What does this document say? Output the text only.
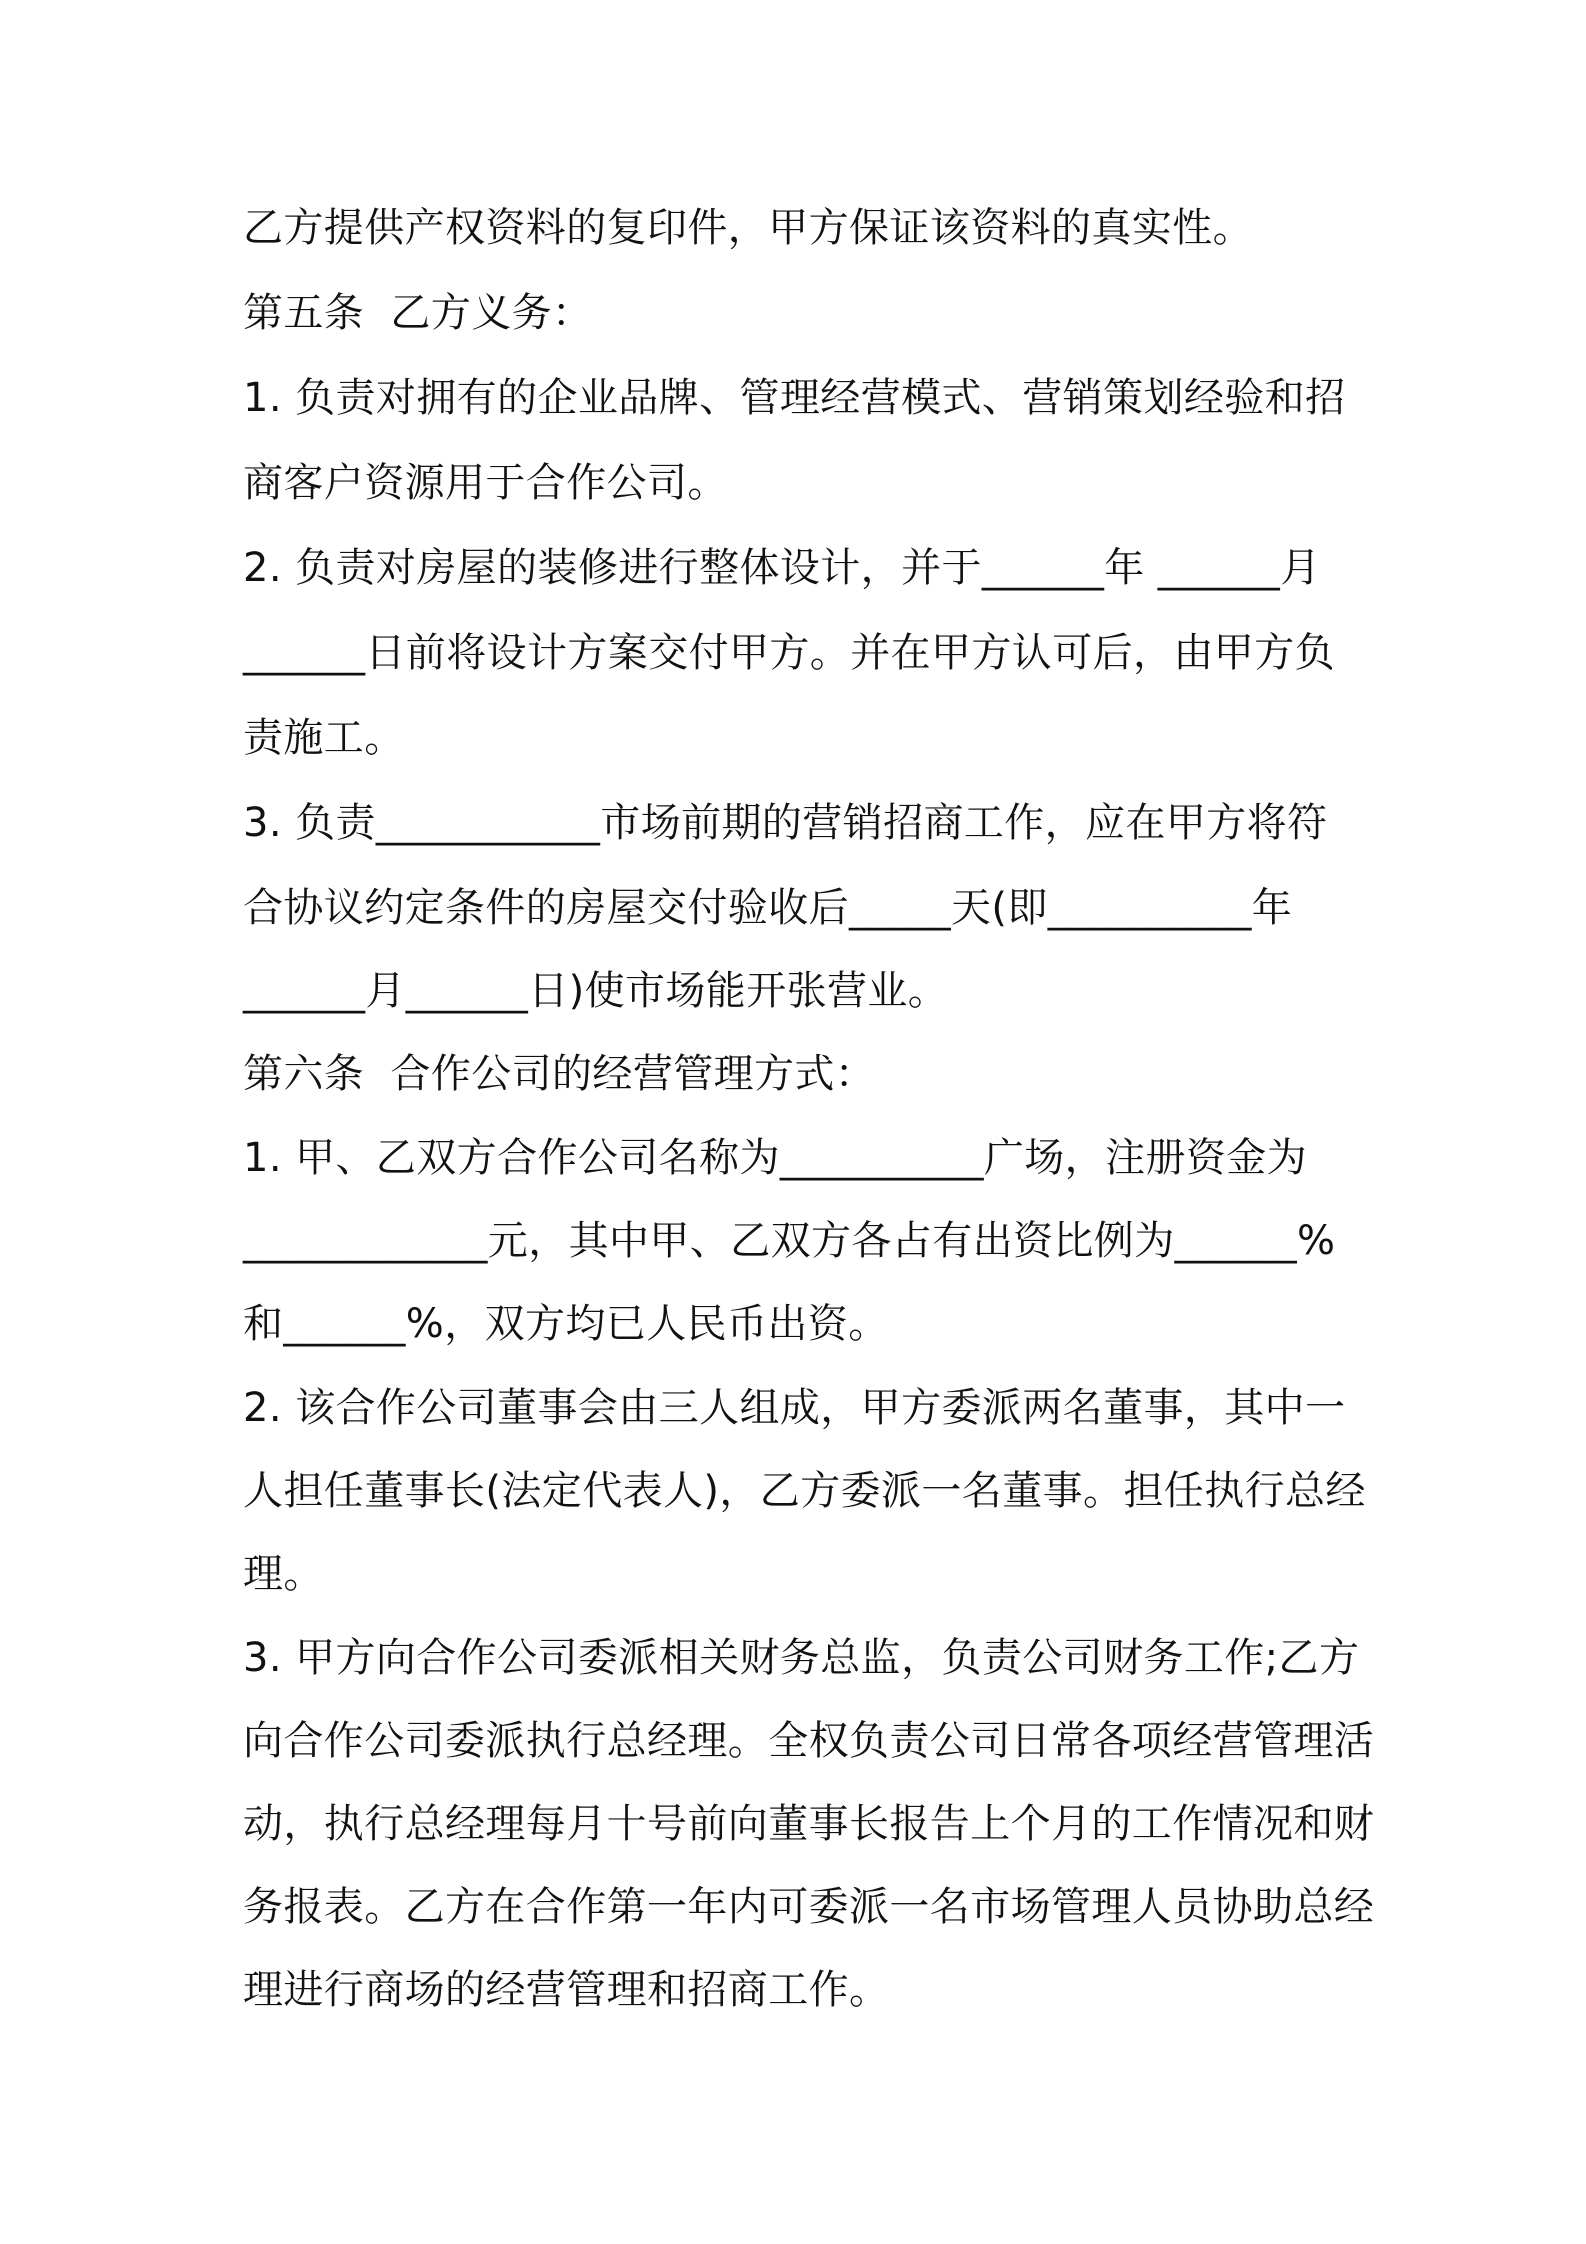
乙方提供产权资料的复印件，甲方保证该资料的真实性。
第五条  乙方义务：
1. 负责对拥有的企业品牌、管理经营模式、营销策划经验和招
商客户资源用于合作公司。
2. 负责对房屋的装修进行整体设计，并于______年 ______月
______日前将设计方案交付甲方。并在甲方认可后，由甲方负
责施工。
3. 负责___________市场前期的营销招商工作，应在甲方将符
合协议约定条件的房屋交付验收后_____天(即__________年
______月______日)使市场能开张营业。
第六条  合作公司的经营管理方式：
1. 甲、乙双方合作公司名称为__________广场，注册资金为
____________元，其中甲、乙双方各占有出资比例为______%
和______%，双方均已人民币出资。
2. 该合作公司董事会由三人组成，甲方委派两名董事，其中一
人担任董事长(法定代表人)，乙方委派一名董事。担任执行总经
理。
3. 甲方向合作公司委派相关财务总监，负责公司财务工作;乙方
向合作公司委派执行总经理。全权负责公司日常各项经营管理活
动，执行总经理每月十号前向董事长报告上个月的工作情况和财
务报表。乙方在合作第一年内可委派一名市场管理人员协助总经
理进行商场的经营管理和招商工作。
